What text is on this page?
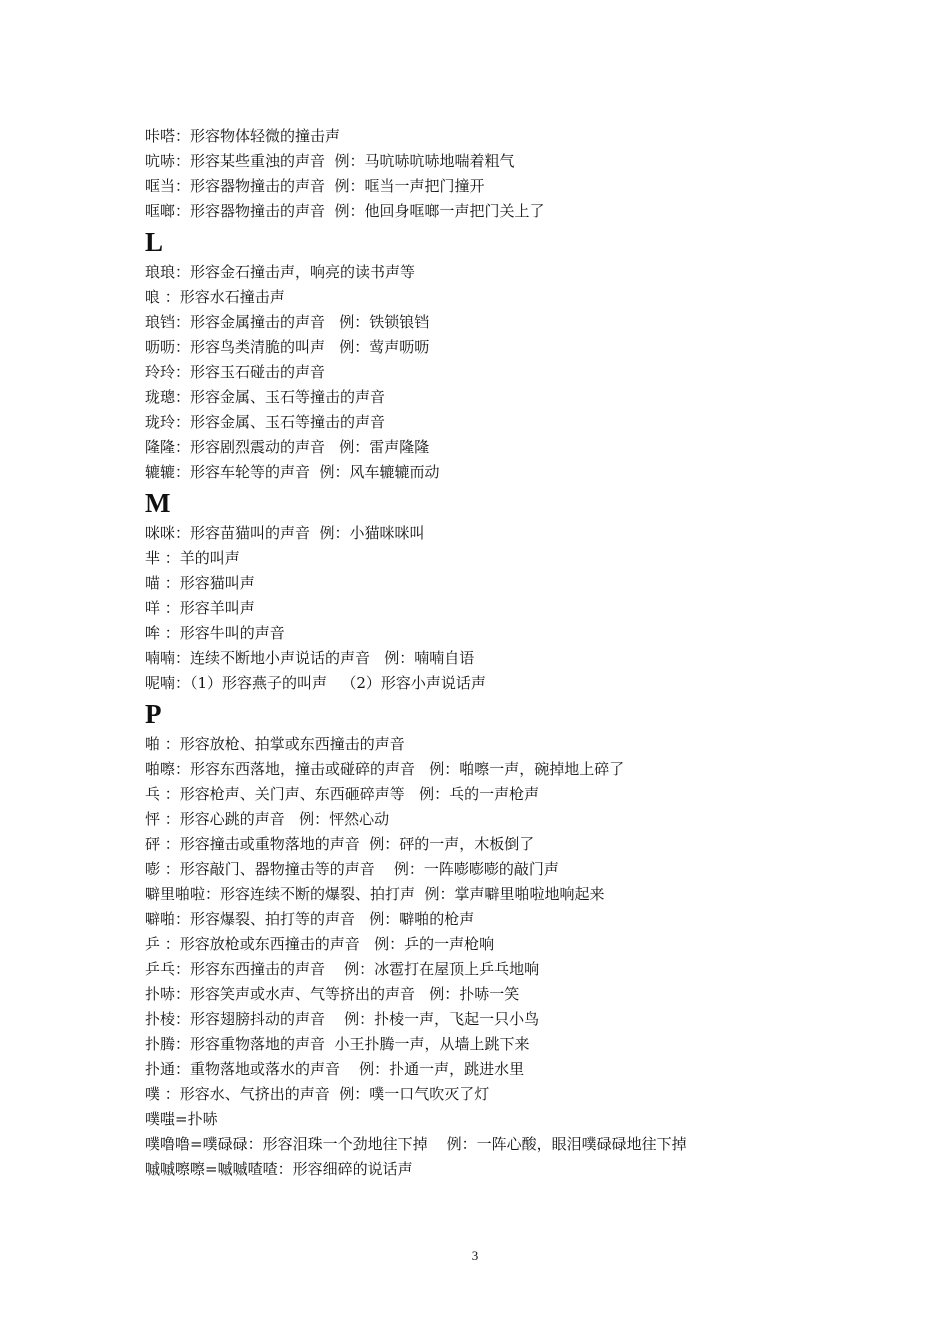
咔嗒：形容物体轻微的撞击声
吭哧：形容某些重浊的声音  例：马吭哧吭哧地喘着粗气
哐当：形容器物撞击的声音  例：哐当一声把门撞开
哐啷：形容器物撞击的声音  例：他回身哐啷一声把门关上了
L
琅琅：形容金石撞击声，响亮的读书声等
哴 ：形容水石撞击声
琅铛：形容金属撞击的声音   例：铁锁锒铛
呖呖：形容鸟类清脆的叫声   例：莺声呖呖
玲玲：形容玉石碰击的声音
珑璁：形容金属、玉石等撞击的声音
珑玲：形容金属、玉石等撞击的声音
隆隆：形容剧烈震动的声音   例：雷声隆隆
辘辘：形容车轮等的声音  例：风车辘辘而动
M
咪咪：形容苗猫叫的声音  例：小猫咪咪叫
芈 ：羊的叫声
喵 ：形容猫叫声
咩 ：形容羊叫声
哞 ：形容牛叫的声音
喃喃：连续不断地小声说话的声音   例：喃喃自语
呢喃：（1）形容燕子的叫声   （2）形容小声说话声
P
啪 ：形容放枪、拍掌或东西撞击的声音
啪嚓：形容东西落地，撞击或碰碎的声音   例：啪嚓一声，碗掉地上碎了
乓 ：形容枪声、关门声、东西砸碎声等   例：乓的一声枪声
怦 ：形容心跳的声音   例：怦然心动
砰 ：形容撞击或重物落地的声音  例：砰的一声，木板倒了
嘭 ：形容敲门、器物撞击等的声音    例：一阵嘭嘭嘭的敲门声
噼里啪啦：形容连续不断的爆裂、拍打声  例：掌声噼里啪啦地响起来
噼啪：形容爆裂、拍打等的声音   例：噼啪的枪声
乒 ：形容放枪或东西撞击的声音   例：乒的一声枪响
乒乓：形容东西撞击的声音    例：冰雹打在屋顶上乒乓地响
扑哧：形容笑声或水声、气等挤出的声音   例：扑哧一笑
扑棱：形容翅膀抖动的声音    例：扑棱一声，飞起一只小鸟
扑腾：形容重物落地的声音  小王扑腾一声，从墙上跳下来
扑通：重物落地或落水的声音    例：扑通一声，跳进水里
噗 ：形容水、气挤出的声音  例：噗一口气吹灭了灯
噗嗤=扑哧
噗噜噜=噗碌碌：形容泪珠一个劲地往下掉    例：一阵心酸，眼泪噗碌碌地往下掉
嘁嘁嚓嚓=嘁嘁喳喳：形容细碎的说话声
3
